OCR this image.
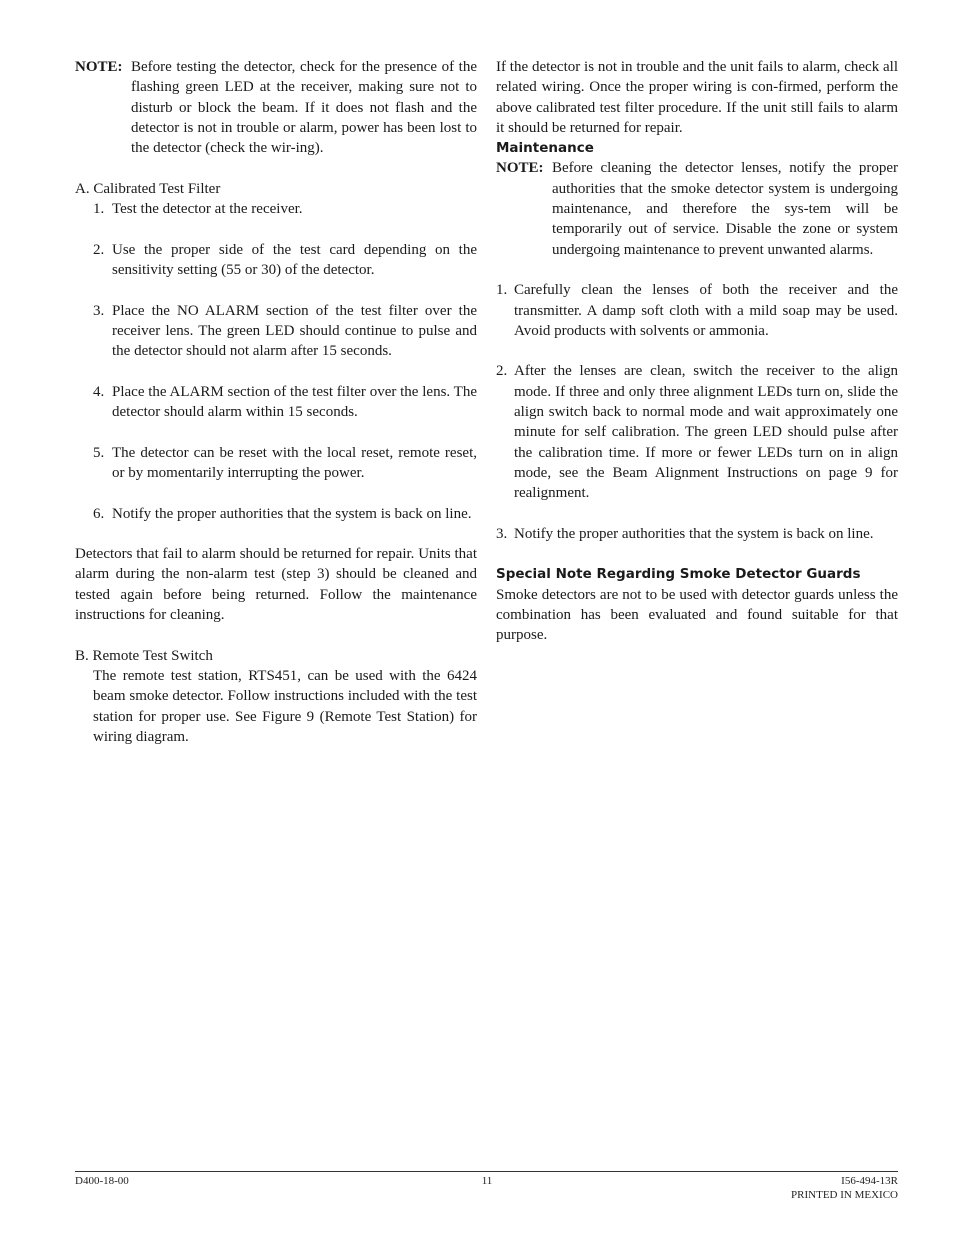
NOTE: Before testing the detector, check for the presence of the flashing green LED at the receiver, making sure not to disturb or block the beam. If it does not flash and the detector is not in trouble or alarm, power has been lost to the detector (check the wir-ing).
A. Calibrated Test Filter
1. Test the detector at the receiver.
2. Use the proper side of the test card depending on the sensitivity setting (55 or 30) of the detector.
3. Place the NO ALARM section of the test filter over the receiver lens. The green LED should continue to pulse and the detector should not alarm after 15 seconds.
4. Place the ALARM section of the test filter over the lens. The detector should alarm within 15 seconds.
5. The detector can be reset with the local reset, remote reset, or by momentarily interrupting the power.
6. Notify the proper authorities that the system is back on line.

Detectors that fail to alarm should be returned for repair. Units that alarm during the non-alarm test (step 3) should be cleaned and tested again before being returned. Follow the maintenance instructions for cleaning.

B. Remote Test Switch

The remote test station, RTS451, can be used with the 6424 beam smoke detector. Follow instructions included with the test station for proper use. See Figure 9 (Remote Test Station) for wiring diagram.

If the detector is not in trouble and the unit fails to alarm, check all related wiring. Once the proper wiring is con-firmed, perform the above calibrated test filter procedure. If the unit still fails to alarm it should be returned for repair.

Maintenance
NOTE: Before cleaning the detector lenses, notify the proper authorities that the smoke detector system is undergoing maintenance, and therefore the sys-tem will be temporarily out of service. Disable the zone or system undergoing maintenance to prevent unwanted alarms.
1. Carefully clean the lenses of both the receiver and the transmitter. A damp soft cloth with a mild soap may be used. Avoid products with solvents or ammonia.
2. After the lenses are clean, switch the receiver to the align mode. If three and only three alignment LEDs turn on, slide the align switch back to normal mode and wait approximately one minute for self calibration. The green LED should pulse after the calibration time. If more or fewer LEDs turn on in align mode, see the Beam Alignment Instructions on page 9 for realignment.
3. Notify the proper authorities that the system is back on line.
Special Note Regarding Smoke Detector Guards

Smoke detectors are not to be used with detector guards unless the combination has been evaluated and found suitable for that purpose.

D400-18-00	11	I56-494-13R
PRINTED IN MEXICO
